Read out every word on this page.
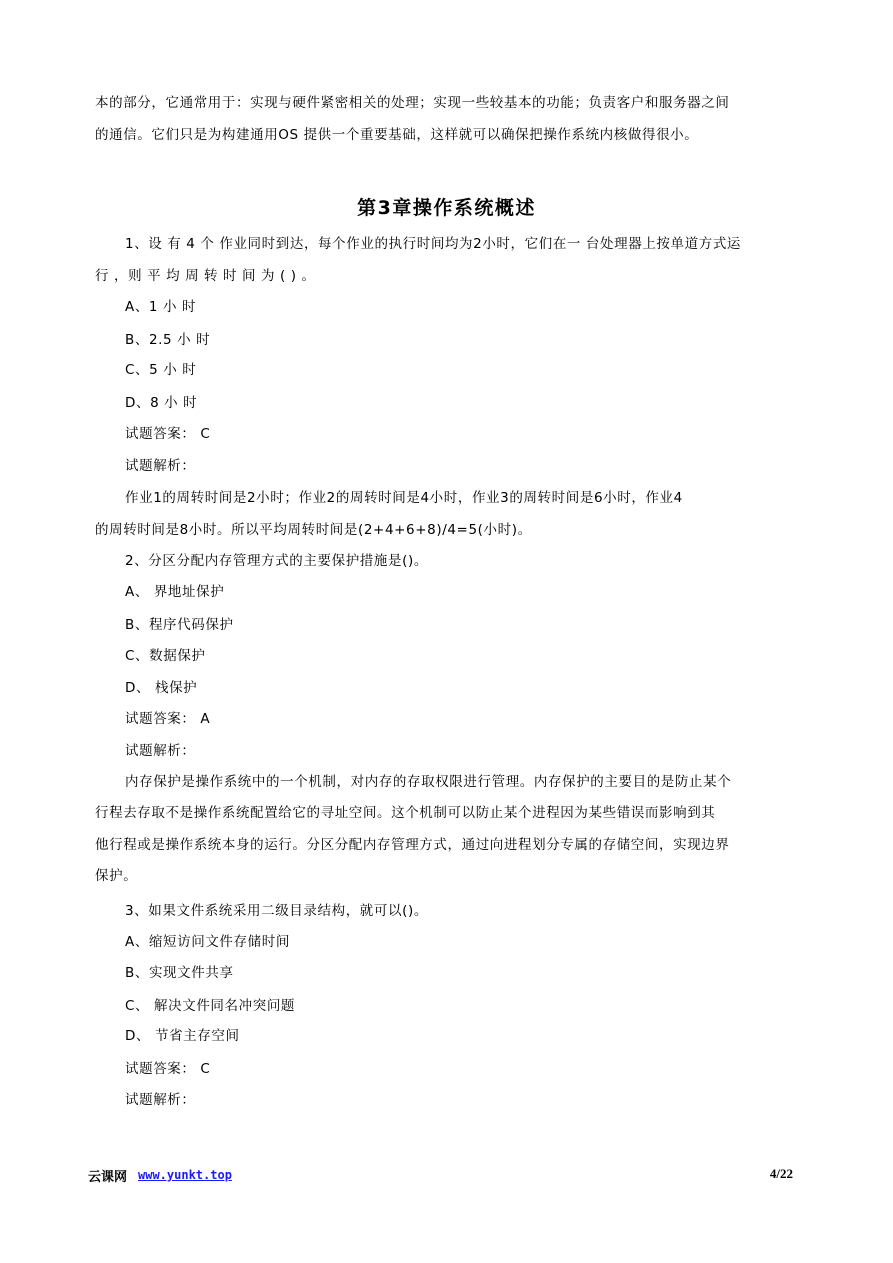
本的部分，它通常用于：实现与硬件紧密相关的处理；实现一些较基本的功能；负责客户和服务器之间
的通信。它们只是为构建通用OS 提供一个重要基础，这样就可以确保把操作系统内核做得很小。
第3章操作系统概述
1、设 有 4 个 作业同时到达，每个作业的执行时间均为2小时，它们在一 台处理器上按单道方式运
行 ，则 平 均 周 转 时 间 为 ( ) 。
A、1 小 时
B、2.5 小 时
C、5 小 时
D、8 小 时
试题答案： C
试题解析：
作业1的周转时间是2小时；作业2的周转时间是4小时，作业3的周转时间是6小时，作业4
的周转时间是8小时。所以平均周转时间是(2+4+6+8)/4=5(小时)。
2、分区分配内存管理方式的主要保护措施是()。
A、 界地址保护
B、程序代码保护
C、数据保护
D、 栈保护
试题答案： A
试题解析：
内存保护是操作系统中的一个机制，对内存的存取权限进行管理。内存保护的主要目的是防止某个
行程去存取不是操作系统配置给它的寻址空间。这个机制可以防止某个进程因为某些错误而影响到其
他行程或是操作系统本身的运行。分区分配内存管理方式，通过向进程划分专属的存储空间，实现边界
保护。
3、如果文件系统采用二级目录结构，就可以()。
A、缩短访问文件存储时间
B、实现文件共享
C、 解决文件同名冲突问题
D、 节省主存空间
试题答案： C
试题解析：
云课网 www.yunkt.top	4/22
